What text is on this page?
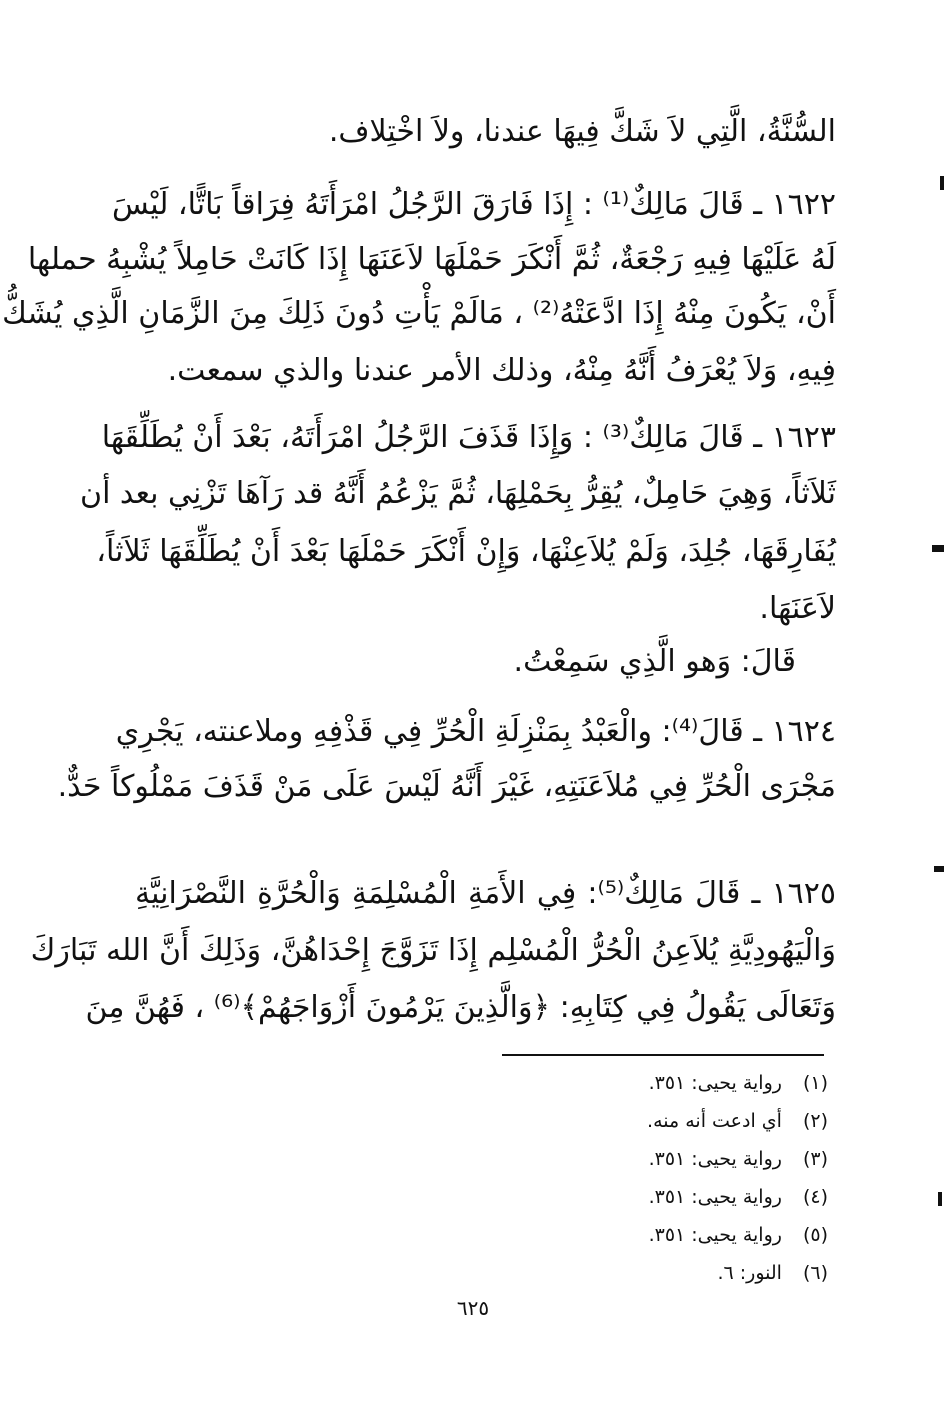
السُّنَّةُ، الَّتِي لاَ شَكَّ فِيهَا عندنا، ولاَ اخْتِلاف.
١٦٢٢ ـ قَالَ مَالِكٌ⁽¹⁾ : إِذَا فَارَقَ الرَّجُلُ امْرَأَتَهُ فِرَاقاً بَاتًّا، لَيْسَ
لَهُ عَلَيْهَا فِيهِ رَجْعَةٌ، ثُمَّ أَنْكَرَ حَمْلَهَا لاَعَنَهَا إِذَا كَانَتْ حَامِلاً يُشْبِهُ حملها
أَنْ، يَكُونَ مِنْهُ إِذَا ادَّعَتْهُ⁽²⁾ ، مَالَمْ يَأْتِ دُونَ ذَلِكَ مِنَ الزَّمَانِ الَّذِي يُشَكُّ
فِيهِ، وَلاَ يُعْرَفُ أَنَّهُ مِنْهُ، وذلك الأمر عندنا والذي سمعت.
١٦٢٣ ـ قَالَ مَالِكٌ⁽³⁾ : وَإِذَا قَذَفَ الرَّجُلُ امْرَأَتَهُ، بَعْدَ أَنْ يُطَلِّقَهَا
ثَلاَثاً، وَهِيَ حَامِلٌ، يُقِرُّ بِحَمْلِهَا، ثُمَّ يَزْعُمُ أَنَّهُ قد رَآهَا تَزْنِي بعد أن
يُفَارِقَهَا، جُلِدَ، وَلَمْ يُلاَعِنْهَا، وَإِنْ أَنْكَرَ حَمْلَهَا بَعْدَ أَنْ يُطَلِّقَهَا ثَلاَثاً،
لاَعَنَهَا.
قَالَ: وَهو الَّذِي سَمِعْتُ.
١٦٢٤ ـ قَالَ⁽⁴⁾: والْعَبْدُ بِمَنْزِلَةِ الْحُرِّ فِي قَذْفِهِ وملاعنته، يَجْرِي
مَجْرَى الْحُرِّ فِي مُلاَعَنَتِهِ، غَيْرَ أَنَّهُ لَيْسَ عَلَى مَنْ قَذَفَ مَمْلُوكاً حَدٌّ.
١٦٢٥ ـ قَالَ مَالِكٌ⁽⁵⁾: فِي الأَمَةِ الْمُسْلِمَةِ وَالْحُرَّةِ النَّصْرَانِيَّةِ
وَالْيَهُودِيَّةِ يُلاَعِنُ الْحُرُّ الْمُسْلِم إِذَا تَزَوَّجَ إِحْدَاهُنَّ، وَذَلِكَ أَنَّ الله تَبَارَكَ
وَتَعَالَى يَقُولُ فِي كِتَابِهِ: ﴿وَالَّذِينَ يَرْمُونَ أَزْوَاجَهُمْ﴾⁽⁶⁾ ، فَهُنَّ مِنَ
(١) رواية يحيى: ٣٥١.
(٢) أي ادعت أنه منه.
(٣) رواية يحيى: ٣٥١.
(٤) رواية يحيى: ٣٥١.
(٥) رواية يحيى: ٣٥١.
(٦) النور: ٦.
٦٢٥
